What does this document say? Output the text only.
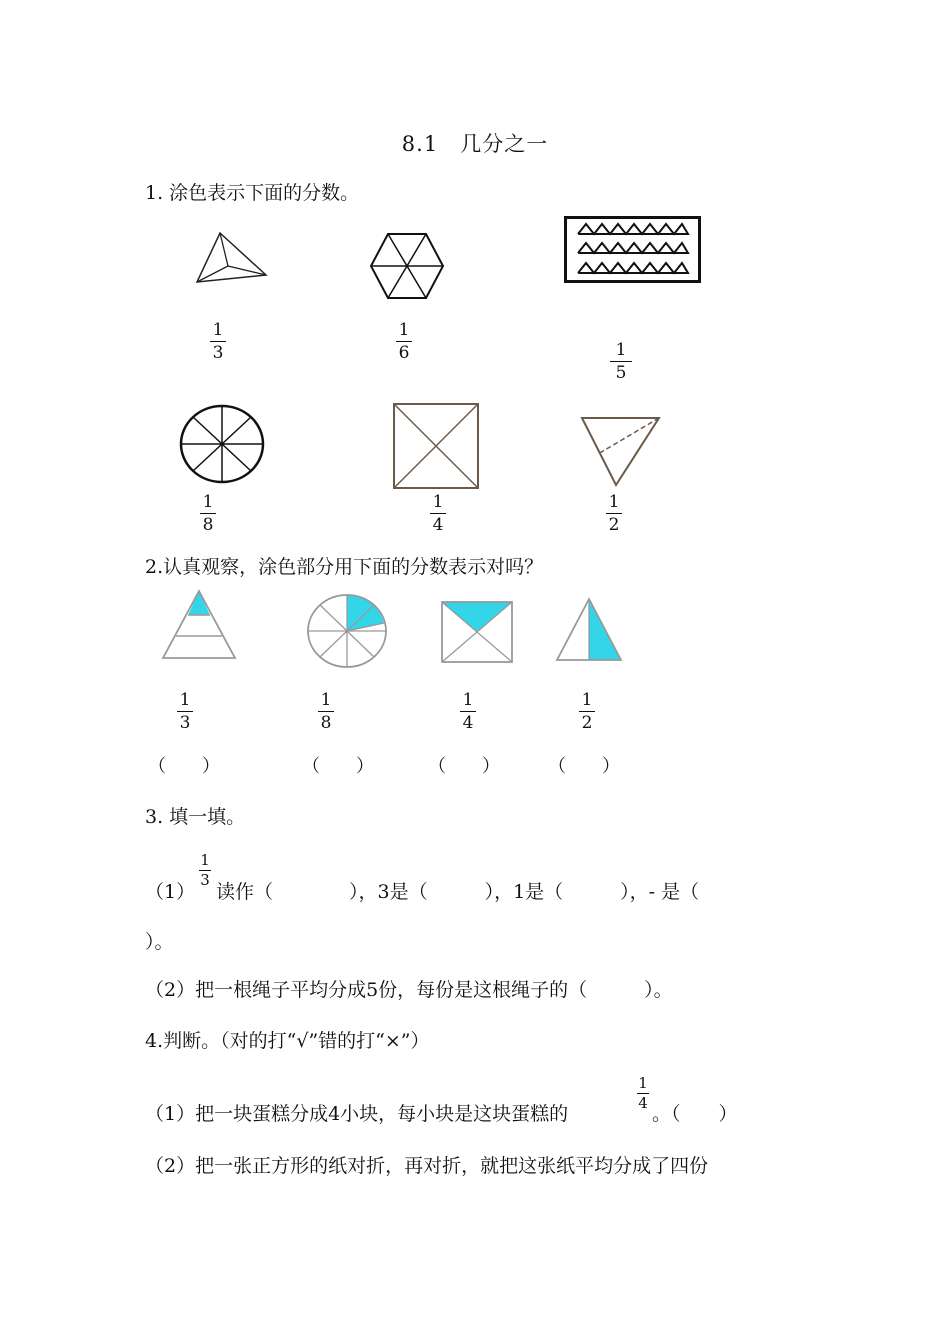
8.1　几分之一
1. 涂色表示下面的分数。
1
3
1
6	1
5
1
8
1
4
1
2
2.认真观察，涂色部分用下面的分数表示对吗？
1
3
1
8
1
4
1
2
（　　）	（　　）	（　　）	（　　）
3. 填一填。
（1）
1
3
读作（　　　　），3是（　　　），1是（　　　），- 是（
）。
（2）把一根绳子平均分成5份，每份是这根绳子的（　　　）。
4.判断。（对的打“√”错的打“×”）
（1）把一块蛋糕分成4小块，每小块是这块蛋糕的
1
4 。（　　）
（2）把一张正方形的纸对折，再对折，就把这张纸平均分成了四份
